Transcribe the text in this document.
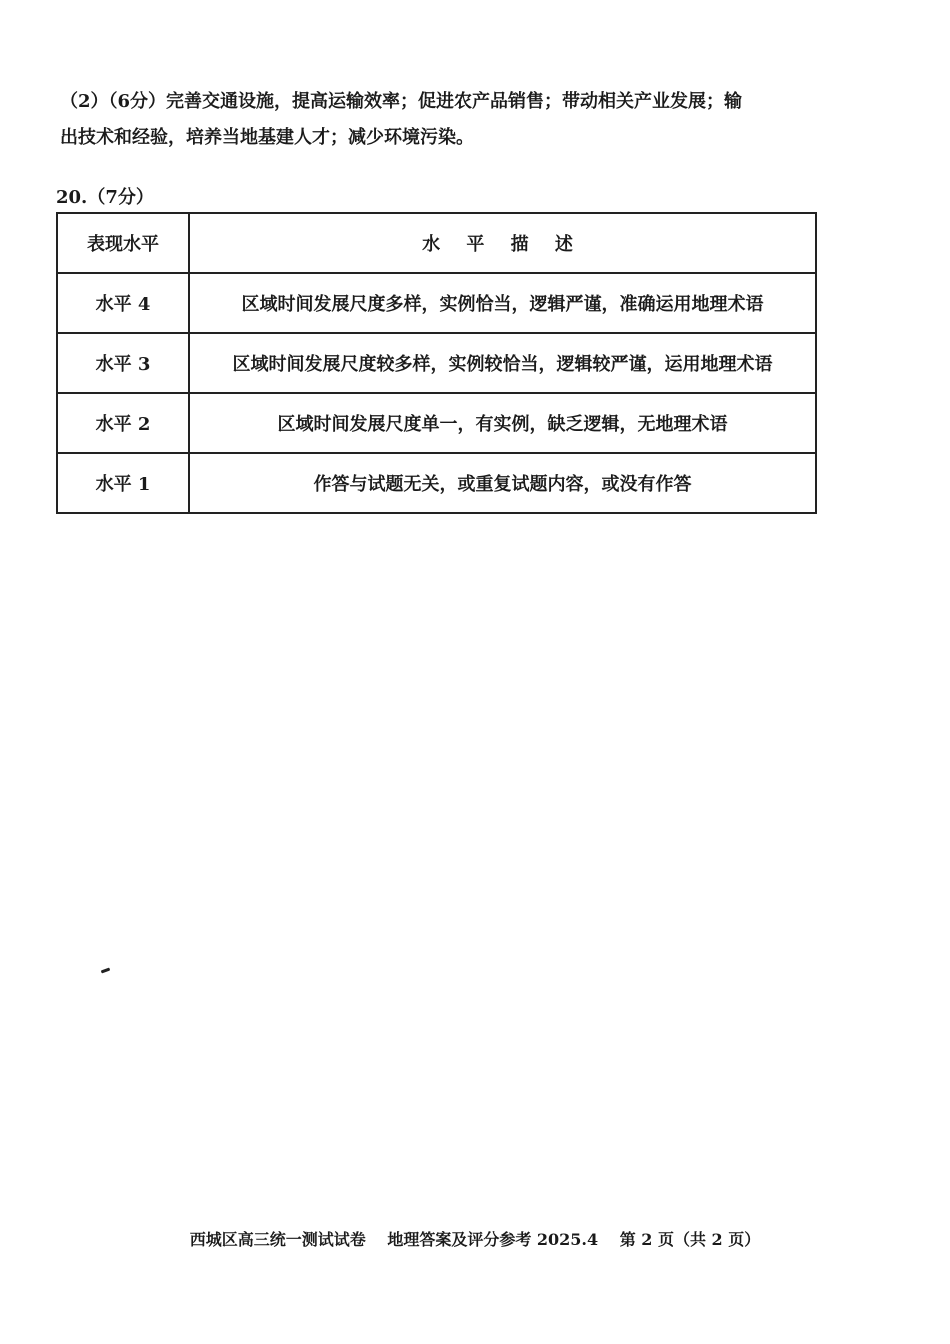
（2）（6分）完善交通设施，提高运输效率；促进农产品销售；带动相关产业发展；输

出技术和经验，培养当地基建人才；减少环境污染。

20.（7分）

表现水平	水 平 描 述
水平 4	区域时间发展尺度多样，实例恰当，逻辑严谨，准确运用地理术语
水平 3	区域时间发展尺度较多样，实例较恰当，逻辑较严谨，运用地理术语
水平 2	区域时间发展尺度单一，有实例，缺乏逻辑，无地理术语
水平 1	作答与试题无关，或重复试题内容，或没有作答
西城区高三统一测试试卷 地理答案及评分参考 2025.4 第 2 页（共 2 页）
